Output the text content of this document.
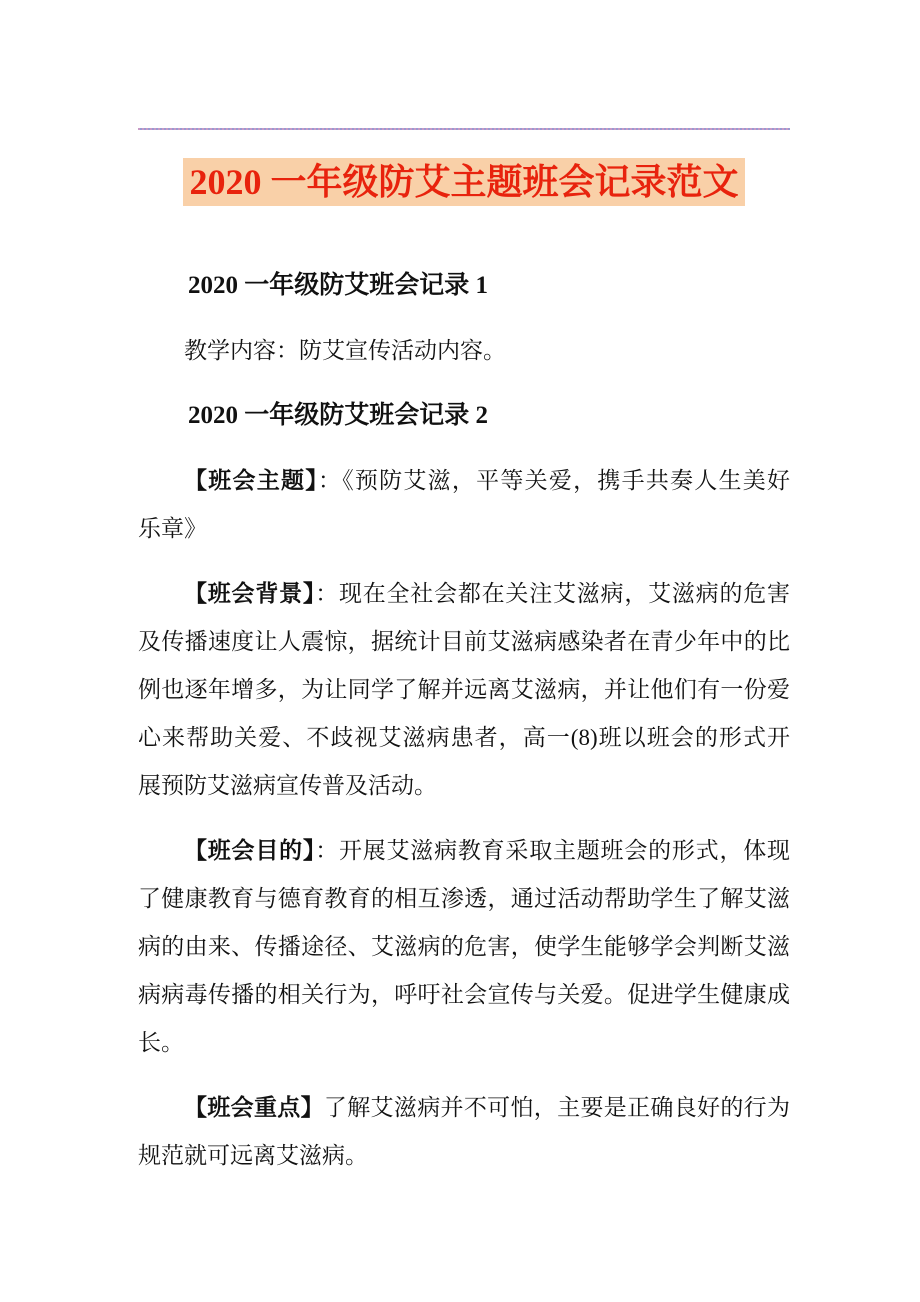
2020 一年级防艾主题班会记录范文
2020 一年级防艾班会记录 1
教学内容：防艾宣传活动内容。
2020 一年级防艾班会记录 2
【班会主题】：《预防艾滋，平等关爱，携手共奏人生美好
乐章》
【班会背景】：现在全社会都在关注艾滋病，艾滋病的危害
及传播速度让人震惊，据统计目前艾滋病感染者在青少年中的比
例也逐年增多，为让同学了解并远离艾滋病，并让他们有一份爱
心来帮助关爱、不歧视艾滋病患者，高一(8)班以班会的形式开
展预防艾滋病宣传普及活动。
【班会目的】：开展艾滋病教育采取主题班会的形式，体现
了健康教育与德育教育的相互渗透，通过活动帮助学生了解艾滋
病的由来、传播途径、艾滋病的危害，使学生能够学会判断艾滋
病病毒传播的相关行为，呼吁社会宣传与关爱。促进学生健康成
长。
【班会重点】了解艾滋病并不可怕，主要是正确良好的行为
规范就可远离艾滋病。
